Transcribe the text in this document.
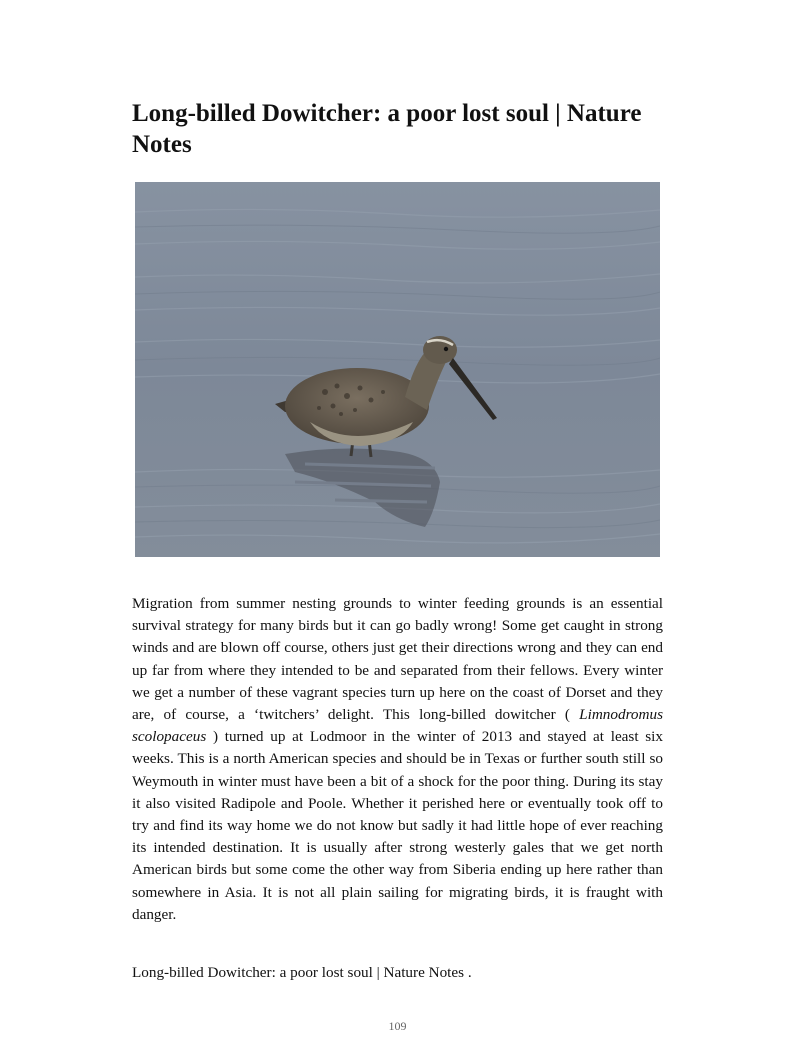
Long-billed Dowitcher: a poor lost soul | Nature Notes

Migration from summer nesting grounds to winter feeding grounds is an essential survival strategy for many birds but it can go badly wrong! Some get caught in strong winds and are blown off course, others just get their directions wrong and they can end up far from where they intended to be and separated from their fellows. Every winter we get a number of these vagrant species turn up here on the coast of Dorset and they are, of course, a ‘twitchers’ delight. This long-billed dowitcher ( Limnodromus scolopaceus ) turned up at Lodmoor in the winter of 2013 and stayed at least six weeks. This is a north American species and should be in Texas or further south still so Weymouth in winter must have been a bit of a shock for the poor thing. During its stay it also visited Radipole and Poole. Whether it perished here or eventually took off to try and find its way home we do not know but sadly it had little hope of ever reaching its intended destination. It is usually after strong westerly gales that we get north American birds but some come the other way from Siberia ending up here rather than somewhere in Asia. It is not all plain sailing for migrating birds, it is fraught with danger.

Long-billed Dowitcher: a poor lost soul | Nature Notes .

109
